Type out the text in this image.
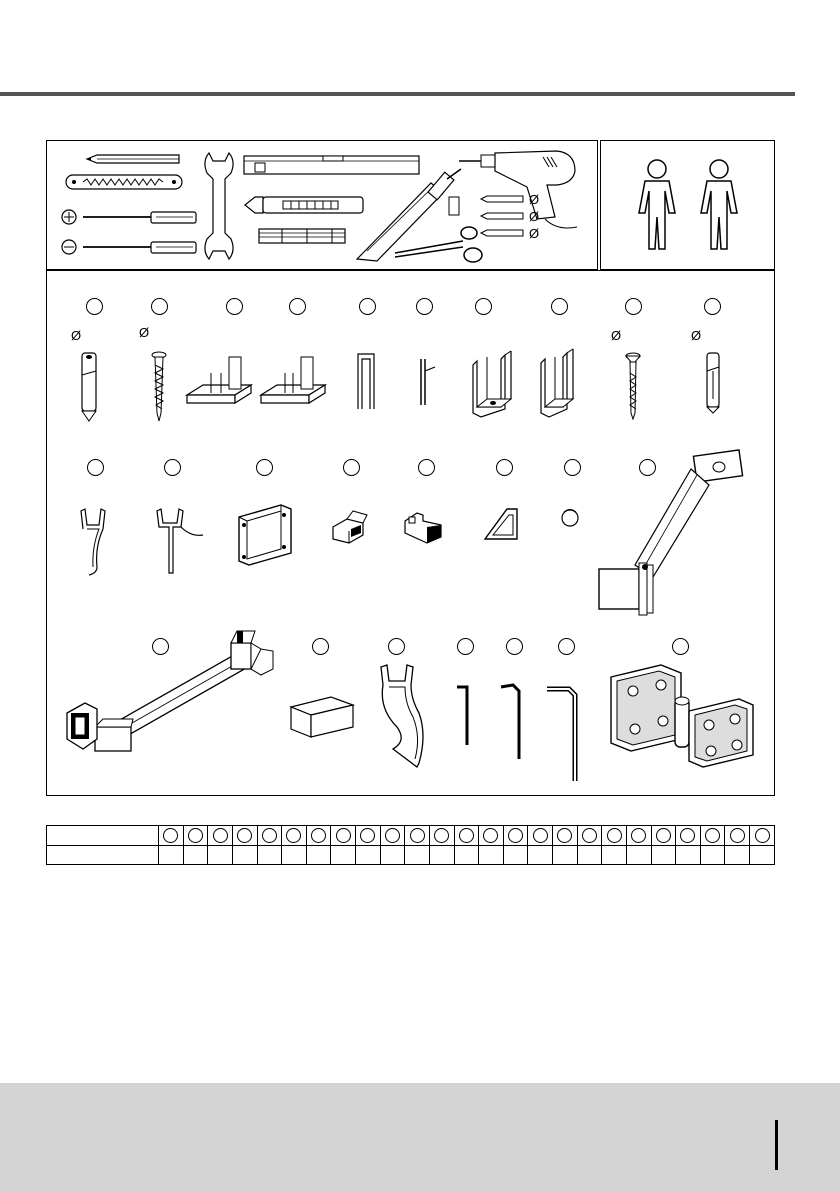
Ø
Ø
Ø
Ø	Ø	Ø	Ø
